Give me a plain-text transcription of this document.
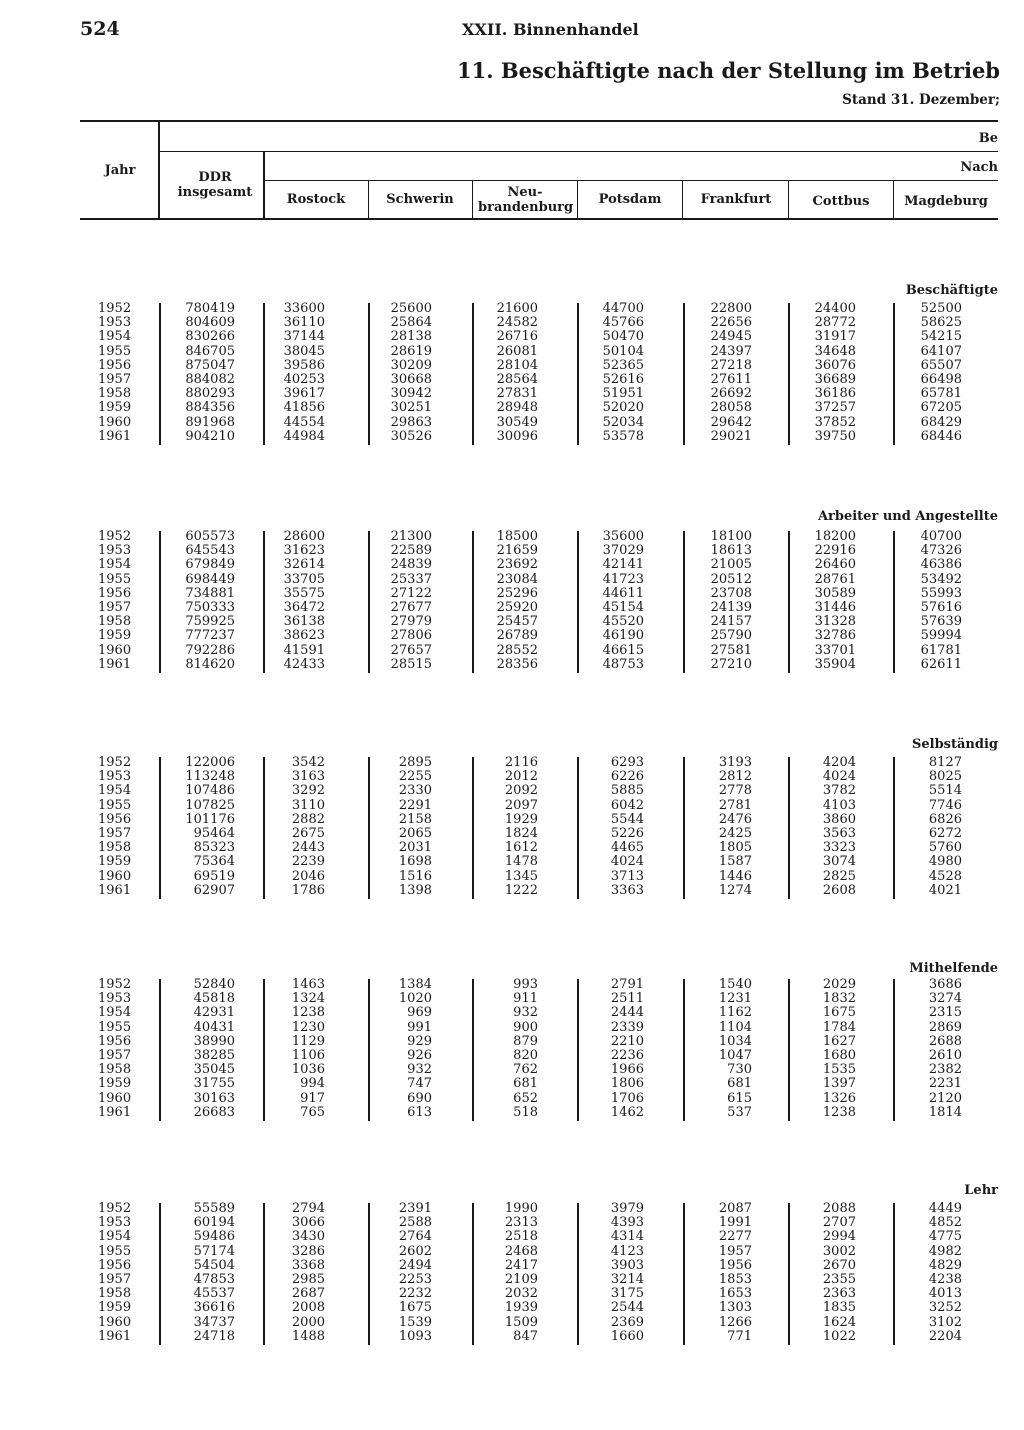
524	XXII. Binnenhandel
11. Beschäftigte nach der Stellung im Betrieb
Stand 31. Dezember;
Jahr	DDR
insgesamt
Be
Nach
Rostock	Schwerin	Neu-
brandenburg
Potsdam	Frankfurt	Cottbus	Magdeburg
Beschäftigte
Arbeiter und Angestellte
Selbständig
Mithelfende
Lehr
1952	780419	33600	25600	21600	44700	22800	24400	52500
1953	804609	36110	25864	24582	45766	22656	28772	58625
1954	830266	37144	28138	26716	50470	24945	31917	54215
1955	846705	38045	28619	26081	50104	24397	34648	64107
1956	875047	39586	30209	28104	52365	27218	36076	65507
1957	884082	40253	30668	28564	52616	27611	36689	66498
1958	880293	39617	30942	27831	51951	26692	36186	65781
1959	884356	41856	30251	28948	52020	28058	37257	67205
1960	891968	44554	29863	30549	52034	29642	37852	68429
1961	904210	44984	30526	30096	53578	29021	39750	68446
1952	605573	28600	21300	18500	35600	18100	18200	40700
1953	645543	31623	22589	21659	37029	18613	22916	47326
1954	679849	32614	24839	23692	42141	21005	26460	46386
1955	698449	33705	25337	23084	41723	20512	28761	53492
1956	734881	35575	27122	25296	44611	23708	30589	55993
1957	750333	36472	27677	25920	45154	24139	31446	57616
1958	759925	36138	27979	25457	45520	24157	31328	57639
1959	777237	38623	27806	26789	46190	25790	32786	59994
1960	792286	41591	27657	28552	46615	27581	33701	61781
1961	814620	42433	28515	28356	48753	27210	35904	62611
1952	122006	3542	2895	2116	6293	3193	4204	8127
1953	113248	3163	2255	2012	6226	2812	4024	8025
1954	107486	3292	2330	2092	5885	2778	3782	5514
1955	107825	3110	2291	2097	6042	2781	4103	7746
1956	101176	2882	2158	1929	5544	2476	3860	6826
1957	95464	2675	2065	1824	5226	2425	3563	6272
1958	85323	2443	2031	1612	4465	1805	3323	5760
1959	75364	2239	1698	1478	4024	1587	3074	4980
1960	69519	2046	1516	1345	3713	1446	2825	4528
1961	62907	1786	1398	1222	3363	1274	2608	4021
1952	52840	1463	1384	993	2791	1540	2029	3686
1953	45818	1324	1020	911	2511	1231	1832	3274
1954	42931	1238	969	932	2444	1162	1675	2315
1955	40431	1230	991	900	2339	1104	1784	2869
1956	38990	1129	929	879	2210	1034	1627	2688
1957	38285	1106	926	820	2236	1047	1680	2610
1958	35045	1036	932	762	1966	730	1535	2382
1959	31755	994	747	681	1806	681	1397	2231
1960	30163	917	690	652	1706	615	1326	2120
1961	26683	765	613	518	1462	537	1238	1814
1952	55589	2794	2391	1990	3979	2087	2088	4449
1953	60194	3066	2588	2313	4393	1991	2707	4852
1954	59486	3430	2764	2518	4314	2277	2994	4775
1955	57174	3286	2602	2468	4123	1957	3002	4982
1956	54504	3368	2494	2417	3903	1956	2670	4829
1957	47853	2985	2253	2109	3214	1853	2355	4238
1958	45537	2687	2232	2032	3175	1653	2363	4013
1959	36616	2008	1675	1939	2544	1303	1835	3252
1960	34737	2000	1539	1509	2369	1266	1624	3102
1961	24718	1488	1093	847	1660	771	1022	2204
